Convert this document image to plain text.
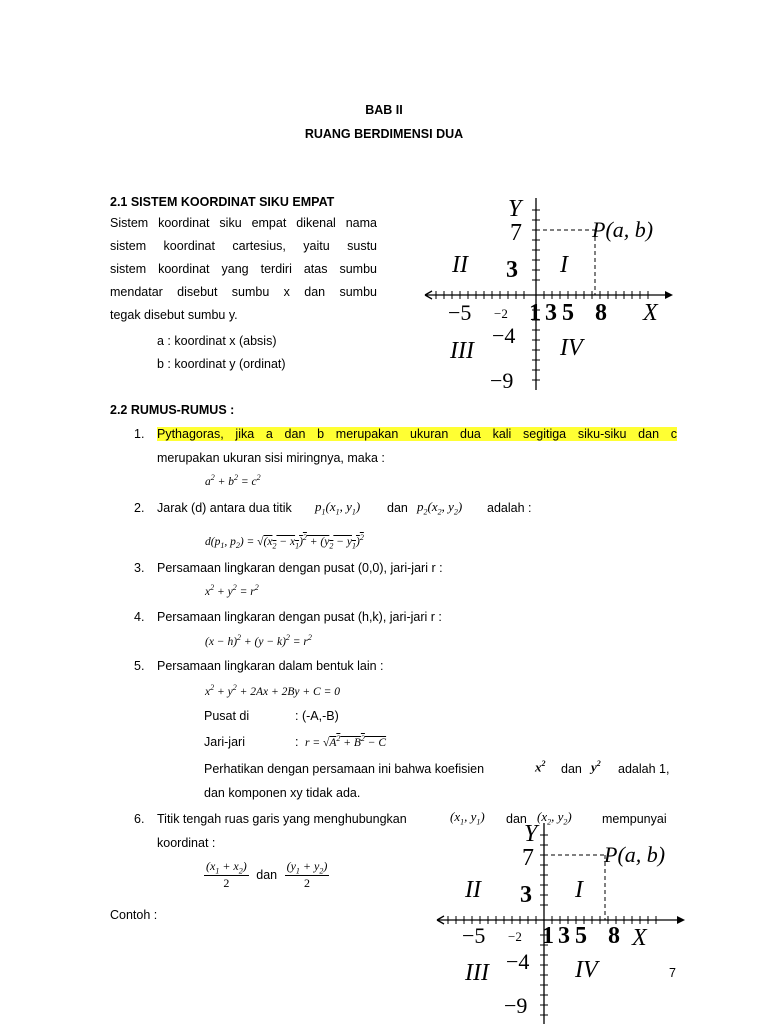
BAB II
RUANG BERDIMENSI DUA
2.1 SISTEM KOORDINAT SIKU EMPAT
Sistem koordinat siku empat dikenal nama
sistem koordinat cartesius, yaitu sustu
sistem koordinat yang terdiri atas sumbu
mendatar disebut sumbu x dan sumbu
tegak disebut sumbu y.
a : koordinat x (absis)
b : koordinat y (ordinat)
Y
X
P(a, b)
I
II
III	IV
−5 −2 1 3 5 8
7
3
−4
−9
2.2 RUMUS-RUMUS :
1. Pythagoras, jika a dan b merupakan ukuran dua kali segitiga siku-siku dan c
merupakan ukuran sisi miringnya, maka :
$a^2 + b^2 = c^2$
2. Jarak (d) antara dua titik $p_1(x_1$, $y_1$) dan $p_2(x_2$, $y_2$) adalah :
$d(p_1$, $p_2) = √(x_2 - x_1)^2 + (y_2 - y_1)^2$
3. Persamaan lingkaran dengan pusat (0,0), jari-jari r :
$x^2 + y^2 = r^2$
4. Persamaan lingkaran dengan pusat (h,k), jari-jari r :
$(x - h)^2 + (y - k)^2 = r^2$
5. Persamaan lingkaran dalam bentuk lain :
$x^2 + y^2 + 2Ax + 2By + C = 0$
Pusat di	: (-A,-B)
Jari-jari	: $r = √A^2 + B^2 - C$
Perhatikan dengan persamaan ini bahwa koefisien	$x^2$ dan $y^2$ adalah 1,
dan komponen xy tidak ada.
6. Titik tengah ruas garis yang menghubungkan	($x_1$, $y_1$) dan ($x_2$, $y_2$) mempunyai
koordinat :
$\frac{(x_1 + x_2)}{2}$ dan $\frac{(y_1 + y_2)}{2}$
Contoh :
Y
X
P(a, b)
I
II
III	IV
−5 −2 1 3 5 8
7
3
−4
−9
7
